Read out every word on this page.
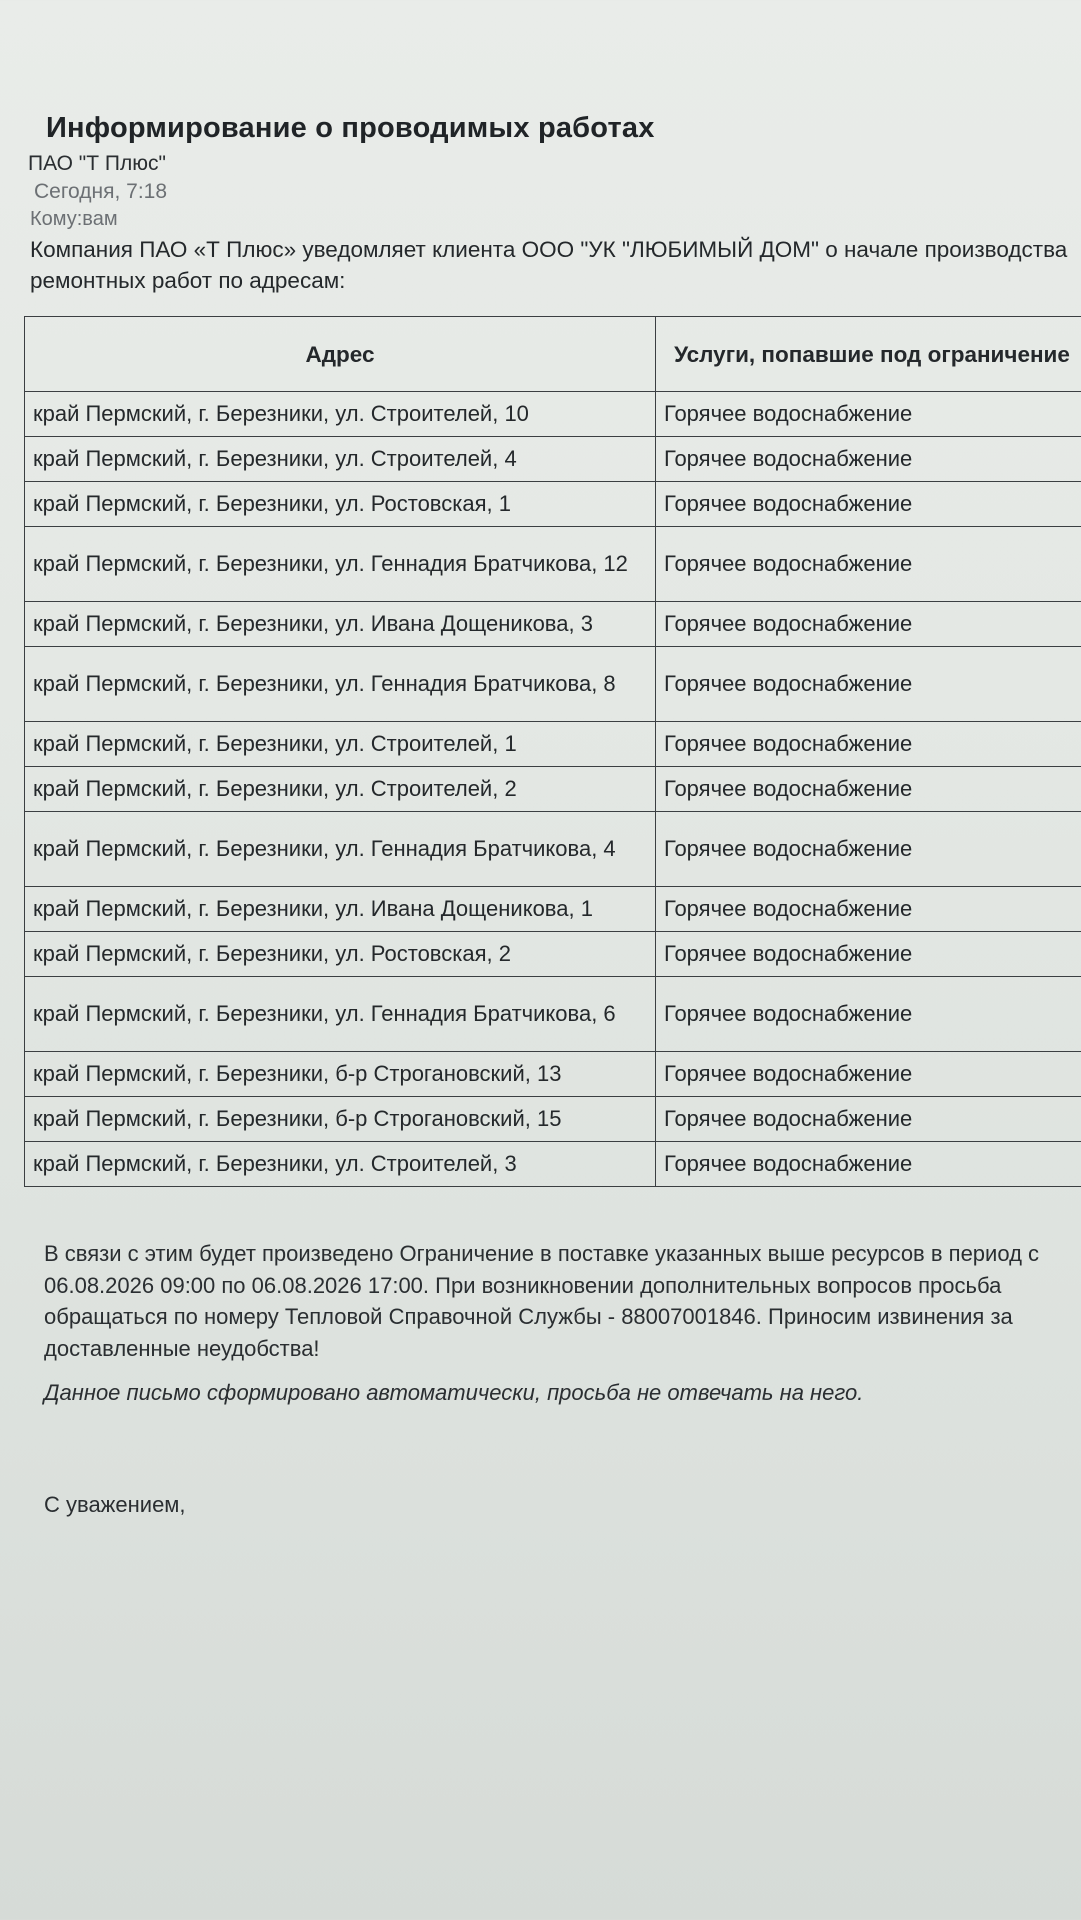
Информирование о проводимых работах
ПАО "Т Плюс"
Сегодня, 7:18
Кому:вам
Компания ПАО «Т Плюс» уведомляет клиента ООО "УК "ЛЮБИМЫЙ ДОМ" о начале производства ремонтных работ по адресам:
Адрес	Услуги, попавшие под ограничение
край Пермский, г. Березники, ул. Строителей, 10	Горячее водоснабжение
край Пермский, г. Березники, ул. Строителей, 4	Горячее водоснабжение
край Пермский, г. Березники, ул. Ростовская, 1	Горячее водоснабжение
край Пермский, г. Березники, ул. Геннадия Братчикова, 12	Горячее водоснабжение
край Пермский, г. Березники, ул. Ивана Дощеникова, 3	Горячее водоснабжение
край Пермский, г. Березники, ул. Геннадия Братчикова, 8	Горячее водоснабжение
край Пермский, г. Березники, ул. Строителей, 1	Горячее водоснабжение
край Пермский, г. Березники, ул. Строителей, 2	Горячее водоснабжение
край Пермский, г. Березники, ул. Геннадия Братчикова, 4	Горячее водоснабжение
край Пермский, г. Березники, ул. Ивана Дощеникова, 1	Горячее водоснабжение
край Пермский, г. Березники, ул. Ростовская, 2	Горячее водоснабжение
край Пермский, г. Березники, ул. Геннадия Братчикова, 6	Горячее водоснабжение
край Пермский, г. Березники, б-р Строгановский, 13	Горячее водоснабжение
край Пермский, г. Березники, б-р Строгановский, 15	Горячее водоснабжение
край Пермский, г. Березники, ул. Строителей, 3	Горячее водоснабжение
В связи с этим будет произведено Ограничение в поставке указанных выше ресурсов в период с 06.08.2026 09:00 по 06.08.2026 17:00. При возникновении дополнительных вопросов просьба обращаться по номеру Тепловой Справочной Службы - 88007001846. Приносим извинения за доставленные неудобства!
Данное письмо сформировано автоматически, просьба не отвечать на него.
С уважением,
